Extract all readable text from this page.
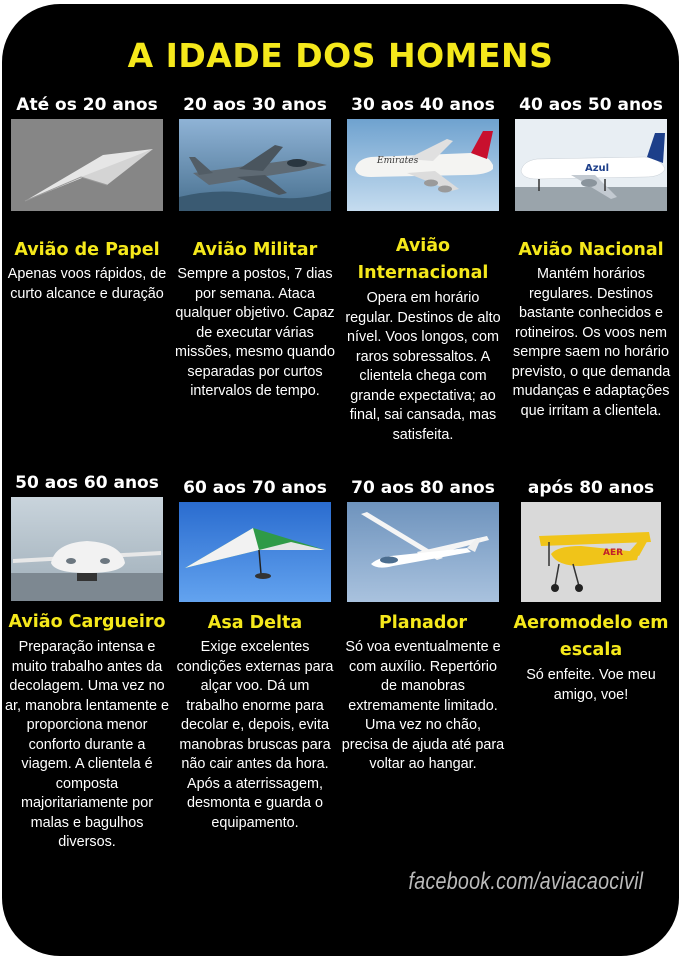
A IDADE DOS HOMENS
Até os 20 anos
Avião de Papel
Apenas voos rápidos, de curto alcance e duração
20 aos 30 anos
Avião Militar
Sempre a postos, 7 dias por semana. Ataca qualquer objetivo. Capaz de executar várias missões, mesmo quando separadas por curtos intervalos de tempo.
30 aos 40 anos
Emirates
Avião Internacional
Opera em horário regular. Destinos de alto nível. Voos longos, com raros sobressaltos. A clientela chega com grande expectativa; ao final, sai cansada, mas satisfeita.
40 aos 50 anos
Azul
Avião Nacional
Mantém horários regulares. Destinos bastante conhecidos e rotineiros. Os voos nem sempre saem no horário previsto, o que demanda mudanças e adaptações que irritam a clientela.
50 aos 60 anos
Avião Cargueiro
Preparação intensa e muito trabalho antes da decolagem. Uma vez no ar, manobra lentamente e proporciona menor conforto durante a viagem. A clientela é composta majoritariamente por malas e bagulhos diversos.
60 aos 70 anos
Asa Delta
Exige excelentes condições externas para alçar voo. Dá um trabalho enorme para decolar e, depois, evita manobras bruscas para não cair antes da hora. Após a aterrissagem, desmonta e guarda o equipamento.
70 aos 80 anos
Planador
Só voa eventualmente e com auxílio. Repertório de manobras extremamente limitado. Uma vez no chão, precisa de ajuda até para voltar ao hangar.
após 80 anos
AER
Aeromodelo em escala
Só enfeite. Voe meu amigo, voe!
facebook.com/aviacaocivil
